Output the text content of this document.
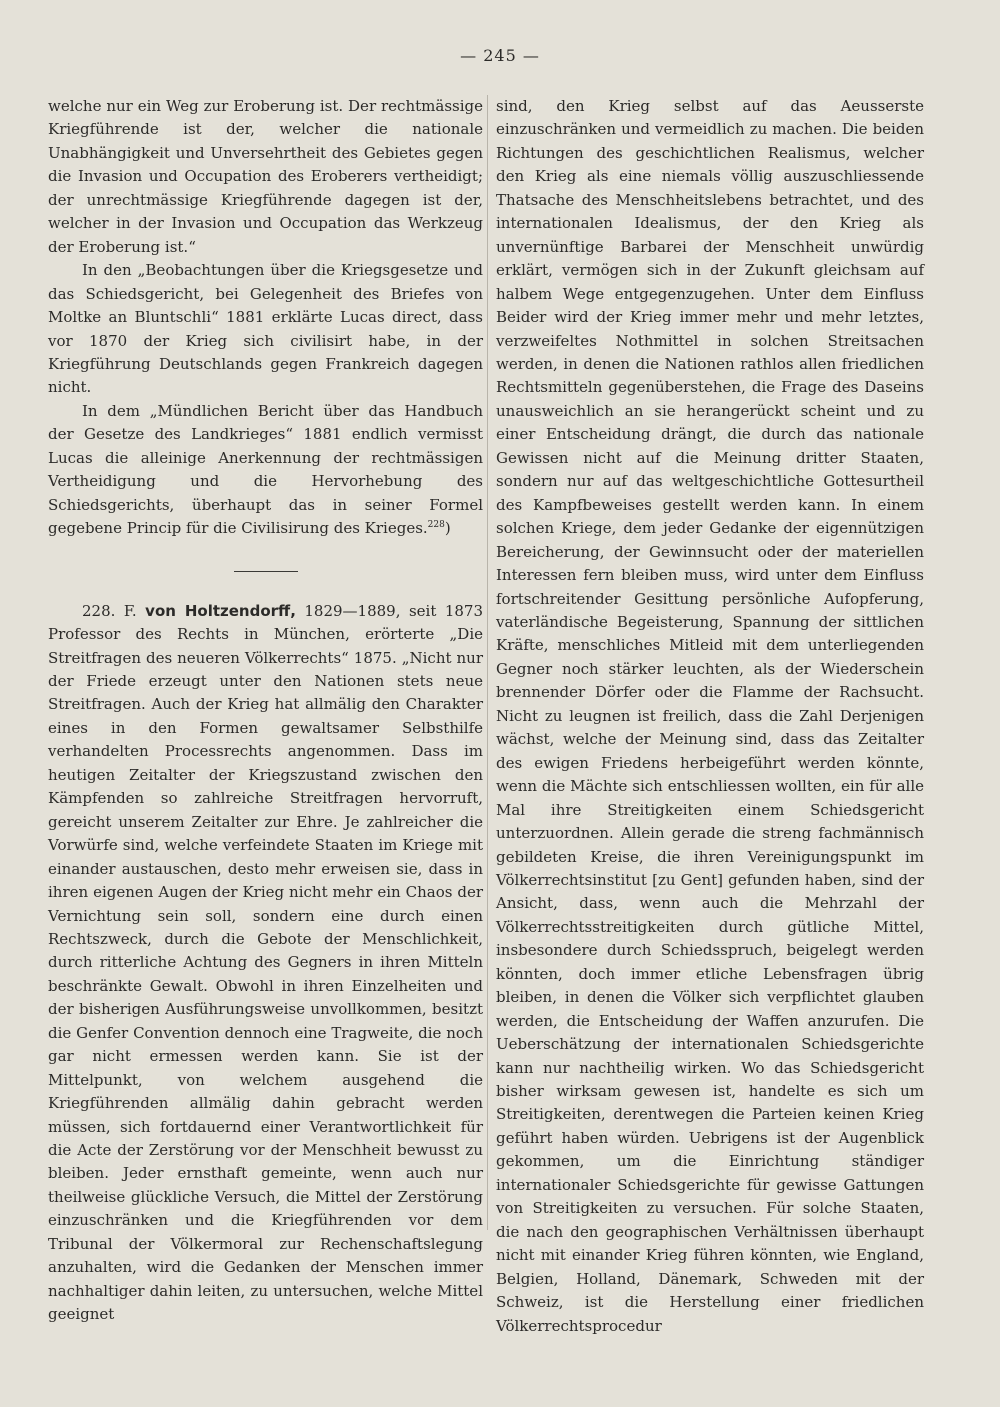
— 245 —

welche nur ein Weg zur Eroberung ist. Der rechtmässige Kriegführende ist der, welcher die nationale Unabhängigkeit und Unversehrtheit des Gebietes gegen die Invasion und Occupation des Eroberers vertheidigt; der unrechtmässige Kriegführende dagegen ist der, welcher in der Invasion und Occupation das Werkzeug der Eroberung ist.“

In den „Beobachtungen über die Kriegsgesetze und das Schiedsgericht, bei Gelegenheit des Briefes von Moltke an Bluntschli“ 1881 erklärte Lucas direct, dass vor 1870 der Krieg sich civilisirt habe, in der Kriegführung Deutschlands gegen Frankreich dagegen nicht.

In dem „Mündlichen Bericht über das Handbuch der Gesetze des Landkrieges“ 1881 endlich vermisst Lucas die alleinige Anerkennung der rechtmässigen Vertheidigung und die Hervorhebung des Schiedsgerichts, überhaupt das in seiner Formel gegebene Princip für die Civilisirung des Krieges.$^{228}$)

228. F. von Holtzendorff, 1829—1889, seit 1873 Professor des Rechts in München, erörterte „Die Streitfragen des neueren Völkerrechts“ 1875. „Nicht nur der Friede erzeugt unter den Nationen stets neue Streitfragen. Auch der Krieg hat allmälig den Charakter eines in den Formen gewaltsamer Selbsthilfe verhandelten Processrechts angenommen. Dass im heutigen Zeitalter der Kriegszustand zwischen den Kämpfenden so zahlreiche Streitfragen hervorruft, gereicht unserem Zeitalter zur Ehre. Je zahlreicher die Vorwürfe sind, welche verfeindete Staaten im Kriege mit einander austauschen, desto mehr erweisen sie, dass in ihren eigenen Augen der Krieg nicht mehr ein Chaos der Vernichtung sein soll, sondern eine durch einen Rechtszweck, durch die Gebote der Menschlichkeit, durch ritterliche Achtung des Gegners in ihren Mitteln beschränkte Gewalt. Obwohl in ihren Einzelheiten und der bisherigen Ausführungsweise unvollkommen, besitzt die Genfer Convention dennoch eine Tragweite, die noch gar nicht ermessen werden kann. Sie ist der Mittelpunkt, von welchem ausgehend die Kriegführenden allmälig dahin gebracht werden müssen, sich fortdauernd einer Verantwortlichkeit für die Acte der Zerstörung vor der Menschheit bewusst zu bleiben. Jeder ernsthaft gemeinte, wenn auch nur theilweise glückliche Versuch, die Mittel der Zerstörung einzuschränken und die Kriegführenden vor dem Tribunal der Völkermoral zur Rechenschaftslegung anzuhalten, wird die Gedanken der Menschen immer nachhaltiger dahin leiten, zu untersuchen, welche Mittel geeignet

sind, den Krieg selbst auf das Aeusserste einzuschränken und vermeidlich zu machen. Die beiden Richtungen des geschichtlichen Realismus, welcher den Krieg als eine niemals völlig auszuschliessende Thatsache des Menschheitslebens betrachtet, und des internationalen Idealismus, der den Krieg als unvernünftige Barbarei der Menschheit unwürdig erklärt, vermögen sich in der Zukunft gleichsam auf halbem Wege entgegenzugehen. Unter dem Einfluss Beider wird der Krieg immer mehr und mehr letztes, verzweifeltes Nothmittel in solchen Streitsachen werden, in denen die Nationen rathlos allen friedlichen Rechtsmitteln gegenüberstehen, die Frage des Daseins unausweichlich an sie herangerückt scheint und zu einer Entscheidung drängt, die durch das nationale Gewissen nicht auf die Meinung dritter Staaten, sondern nur auf das weltgeschichtliche Gottesurtheil des Kampfbeweises gestellt werden kann. In einem solchen Kriege, dem jeder Gedanke der eigennützigen Bereicherung, der Gewinnsucht oder der materiellen Interessen fern bleiben muss, wird unter dem Einfluss fortschreitender Gesittung persönliche Aufopferung, vaterländische Begeisterung, Spannung der sittlichen Kräfte, menschliches Mitleid mit dem unterliegenden Gegner noch stärker leuchten, als der Wiederschein brennender Dörfer oder die Flamme der Rachsucht. Nicht zu leugnen ist freilich, dass die Zahl Derjenigen wächst, welche der Meinung sind, dass das Zeitalter des ewigen Friedens herbeigeführt werden könnte, wenn die Mächte sich entschliessen wollten, ein für alle Mal ihre Streitigkeiten einem Schiedsgericht unterzuordnen. Allein gerade die streng fachmännisch gebildeten Kreise, die ihren Vereinigungspunkt im Völkerrechtsinstitut [zu Gent] gefunden haben, sind der Ansicht, dass, wenn auch die Mehrzahl der Völkerrechtsstreitigkeiten durch gütliche Mittel, insbesondere durch Schiedsspruch, beigelegt werden könnten, doch immer etliche Lebensfragen übrig bleiben, in denen die Völker sich verpflichtet glauben werden, die Entscheidung der Waffen anzurufen. Die Ueberschätzung der internationalen Schiedsgerichte kann nur nachtheilig wirken. Wo das Schiedsgericht bisher wirksam gewesen ist, handelte es sich um Streitigkeiten, derentwegen die Parteien keinen Krieg geführt haben würden. Uebrigens ist der Augenblick gekommen, um die Einrichtung ständiger internationaler Schiedsgerichte für gewisse Gattungen von Streitigkeiten zu versuchen. Für solche Staaten, die nach den geographischen Verhältnissen überhaupt nicht mit einander Krieg führen könnten, wie England, Belgien, Holland, Dänemark, Schweden mit der Schweiz, ist die Herstellung einer friedlichen Völkerrechtsprocedur
